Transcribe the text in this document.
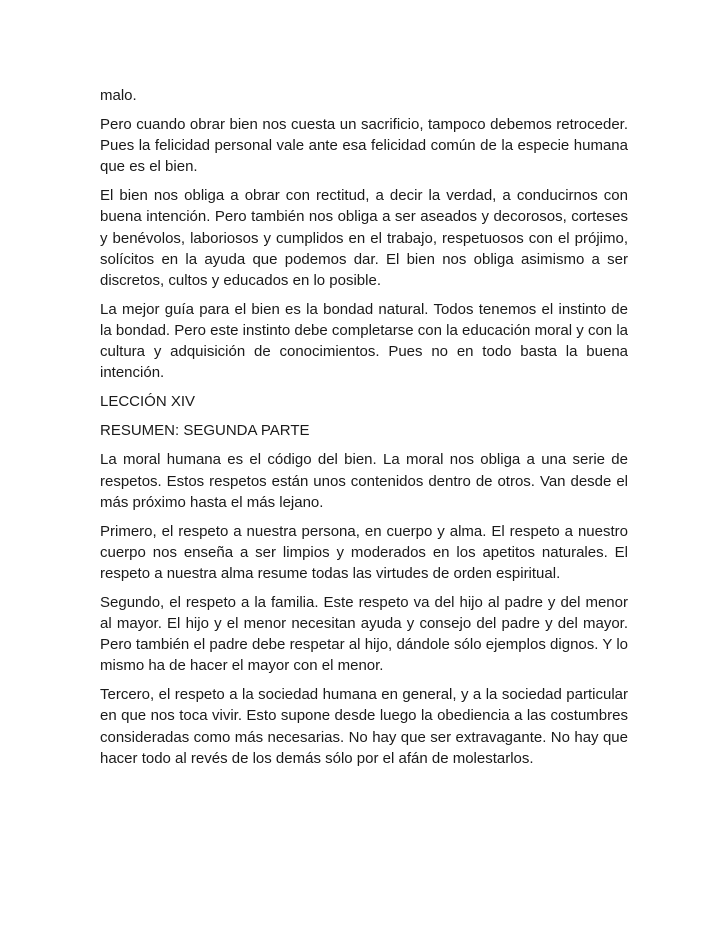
malo.

Pero cuando obrar bien nos cuesta un sacrificio, tampoco debemos retroceder. Pues la felicidad personal vale ante esa felicidad común de la especie humana que es el bien.

El bien nos obliga a obrar con rectitud, a decir la verdad, a conducirnos con buena intención. Pero también nos obliga a ser aseados y decorosos, corteses y benévolos, laboriosos y cumplidos en el trabajo, respetuosos con el prójimo, solícitos en la ayuda que podemos dar. El bien nos obliga asimismo a ser discretos, cultos y educados en lo posible.

La mejor guía para el bien es la bondad natural. Todos tenemos el instinto de la bondad. Pero este instinto debe completarse con la educación moral y con la cultura y adquisición de conocimientos. Pues no en todo basta la buena intención.

LECCIÓN XIV

RESUMEN: SEGUNDA PARTE

La moral humana es el código del bien. La moral nos obliga a una serie de respetos. Estos respetos están unos contenidos dentro de otros. Van desde el más próximo hasta el más lejano.

Primero, el respeto a nuestra persona, en cuerpo y alma. El respeto a nuestro cuerpo nos enseña a ser limpios y moderados en los apetitos naturales. El respeto a nuestra alma resume todas las virtudes de orden espiritual.

Segundo, el respeto a la familia. Este respeto va del hijo al padre y del menor al mayor. El hijo y el menor necesitan ayuda y consejo del padre y del mayor. Pero también el padre debe respetar al hijo, dándole sólo ejemplos dignos. Y lo mismo ha de hacer el mayor con el menor.

Tercero, el respeto a la sociedad humana en general, y a la sociedad particular en que nos toca vivir. Esto supone desde luego la obediencia a las costumbres consideradas como más necesarias. No hay que ser extravagante. No hay que hacer todo al revés de los demás sólo por el afán de molestarlos.
